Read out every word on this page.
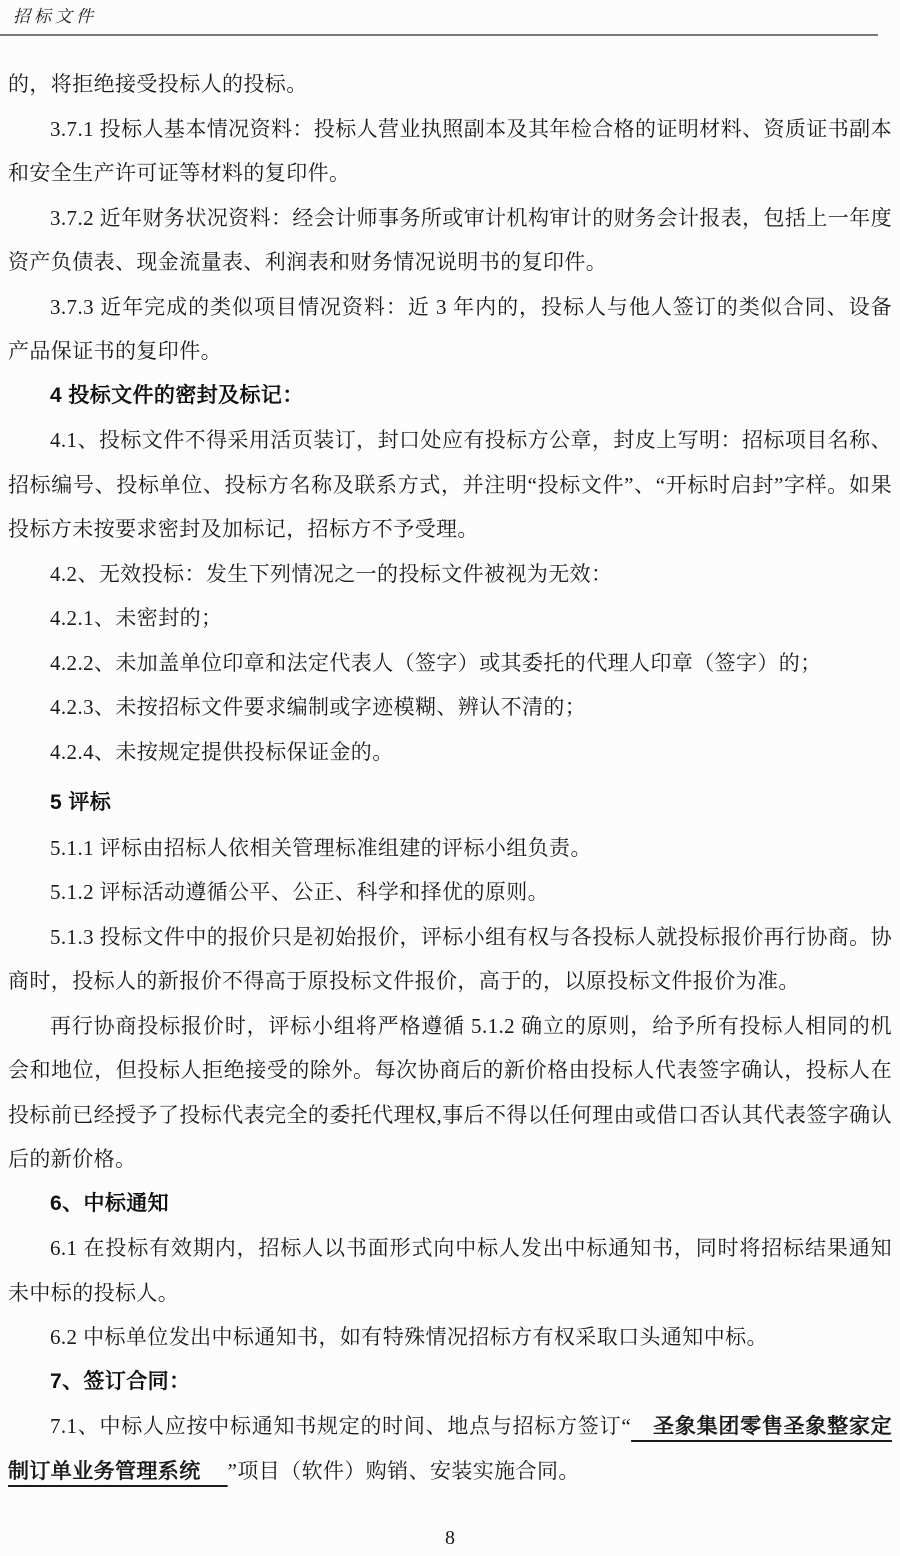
招标文件

的，将拒绝接受投标人的投标。

3.7.1 投标人基本情况资料：投标人营业执照副本及其年检合格的证明材料、资质证书副本和安全生产许可证等材料的复印件。

3.7.2 近年财务状况资料：经会计师事务所或审计机构审计的财务会计报表，包括上一年度资产负债表、现金流量表、利润表和财务情况说明书的复印件。

3.7.3 近年完成的类似项目情况资料：近 3 年内的，投标人与他人签订的类似合同、设备产品保证书的复印件。

4 投标文件的密封及标记：

4.1、投标文件不得采用活页装订，封口处应有投标方公章，封皮上写明：招标项目名称、招标编号、投标单位、投标方名称及联系方式，并注明“投标文件”、“开标时启封”字样。如果投标方未按要求密封及加标记，招标方不予受理。

4.2、无效投标：发生下列情况之一的投标文件被视为无效：

4.2.1、未密封的；

4.2.2、未加盖单位印章和法定代表人（签字）或其委托的代理人印章（签字）的；

4.2.3、未按招标文件要求编制或字迹模糊、辨认不清的；

4.2.4、未按规定提供投标保证金的。

5 评标

5.1.1 评标由招标人依相关管理标准组建的评标小组负责。

5.1.2 评标活动遵循公平、公正、科学和择优的原则。

5.1.3 投标文件中的报价只是初始报价，评标小组有权与各投标人就投标报价再行协商。协商时，投标人的新报价不得高于原投标文件报价，高于的，以原投标文件报价为准。

再行协商投标报价时，评标小组将严格遵循 5.1.2 确立的原则，给予所有投标人相同的机会和地位，但投标人拒绝接受的除外。每次协商后的新价格由投标人代表签字确认，投标人在投标前已经授予了投标代表完全的委托代理权,事后不得以任何理由或借口否认其代表签字确认后的新价格。

6、中标通知

6.1 在投标有效期内，招标人以书面形式向中标人发出中标通知书，同时将招标结果通知未中标的投标人。

6.2 中标单位发出中标通知书，如有特殊情况招标方有权采取口头通知中标。

7、签订合同：

7.1、中标人应按中标通知书规定的时间、地点与招标方签订“　圣象集团零售圣象整家定制订单业务管理系统　 ”项目（软件）购销、安装实施合同。

8
